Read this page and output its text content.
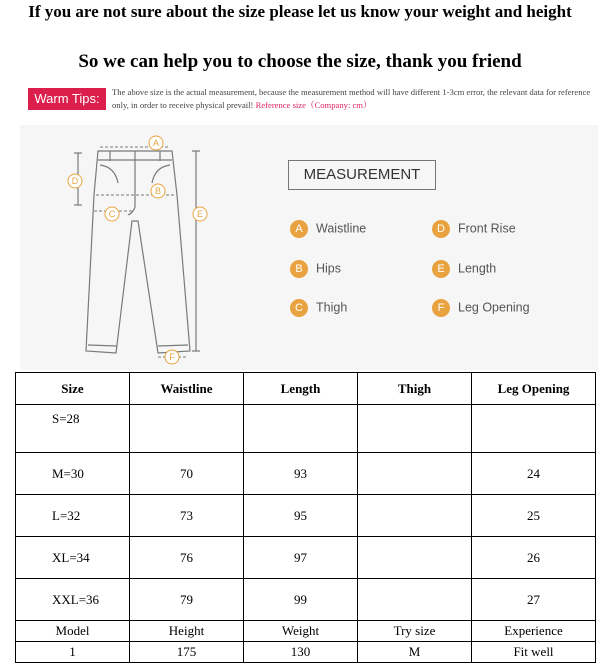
If you are not sure about the size please let us know your weight and height
So we can help you to choose the size, thank you friend
Warm Tips:	The above size is the actual measurement, because the measurement method will have different 1-3cm error, the relevant data for reference only, in order to receive physical prevail! Reference size（Company: cm）
A
B
C
D
E
F
MEASUREMENT
A Waistline
B Hips
C Thigh
D Front Rise
E Length
F Leg Opening
Size	Waistline	Length	Thigh	Leg Opening
S=28				
M=30	70	93		24
L=32	73	95		25
XL=34	76	97		26
XXL=36	79	99		27
Model	Height	Weight	Try size	Experience
1	175	130	M	Fit well
